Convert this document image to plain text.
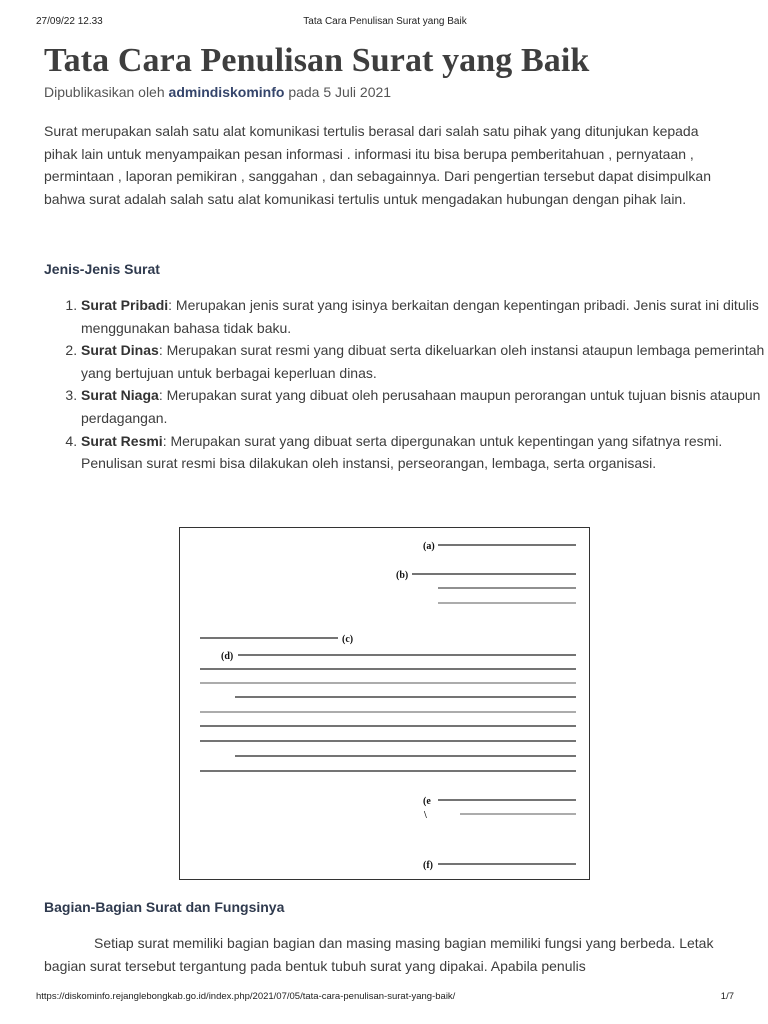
27/09/22 12.33	Tata Cara Penulisan Surat yang Baik
Tata Cara Penulisan Surat yang Baik
Dipublikasikan oleh admindiskominfo pada 5 Juli 2021

Surat merupakan salah satu alat komunikasi tertulis berasal dari salah satu pihak yang ditunjukan kepada pihak lain untuk menyampaikan pesan informasi . informasi itu bisa berupa pemberitahuan , pernyataan , permintaan , laporan pemikiran , sanggahan , dan sebagainnya. Dari pengertian tersebut dapat disimpulkan bahwa surat adalah salah satu alat komunikasi tertulis untuk mengadakan hubungan dengan pihak lain.

Jenis-Jenis Surat
1. Surat Pribadi: Merupakan jenis surat yang isinya berkaitan dengan kepentingan pribadi. Jenis surat ini ditulis menggunakan bahasa tidak baku.
2. Surat Dinas: Merupakan surat resmi yang dibuat serta dikeluarkan oleh instansi ataupun lembaga pemerintah yang bertujuan untuk berbagai keperluan dinas.
3. Surat Niaga: Merupakan surat yang dibuat oleh perusahaan maupun perorangan untuk tujuan bisnis ataupun perdagangan.
4. Surat Resmi: Merupakan surat yang dibuat serta dipergunakan untuk kepentingan yang sifatnya resmi. Penulisan surat resmi bisa dilakukan oleh instansi, perseorangan, lembaga, serta organisasi.
(a)
(b)
(c)
(d)
(e
\
(f)
Bagian-Bagian Surat dan Fungsinya

Setiap surat memiliki bagian bagian dan masing masing bagian memiliki fungsi yang berbeda. Letak bagian surat tersebut tergantung pada bentuk tubuh surat yang dipakai. Apabila penulis

https://diskominfo.rejanglebongkab.go.id/index.php/2021/07/05/tata-cara-penulisan-surat-yang-baik/	1/7
